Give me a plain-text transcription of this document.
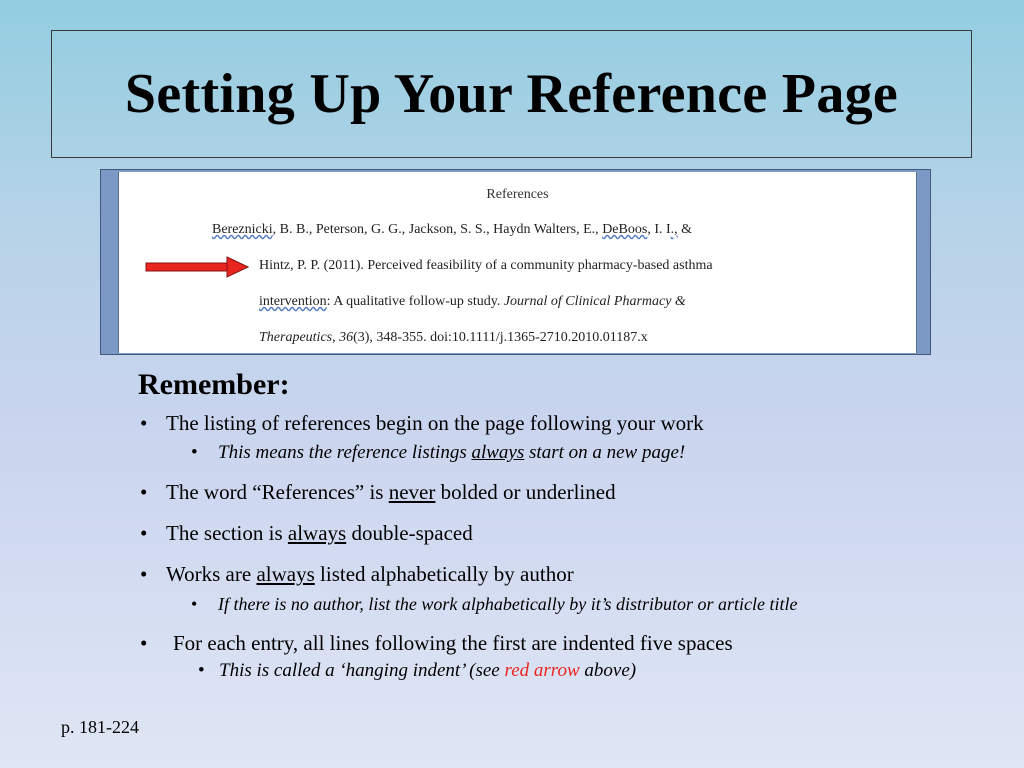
Setting Up Your Reference Page
References
Bereznicki, B. B., Peterson, G. G., Jackson, S. S., Haydn Walters, E., DeBoos, I. I., &
Hintz, P. P. (2011). Perceived feasibility of a community pharmacy-based asthma
intervention: A qualitative follow-up study. Journal of Clinical Pharmacy &
Therapeutics, 36(3), 348-355. doi:10.1111/j.1365-2710.2010.01187.x
Remember:
• The listing of references begin on the page following your work
• This means the reference listings always start on a new page!
• The word “References” is never bolded or underlined
• The section is always double-spaced
• Works are always listed alphabetically by author
• If there is no author, list the work alphabetically by it’s distributor or article title
• For each entry, all lines following the first are indented five spaces
• This is called a ‘hanging indent’ (see red arrow above)
p. 181-224
